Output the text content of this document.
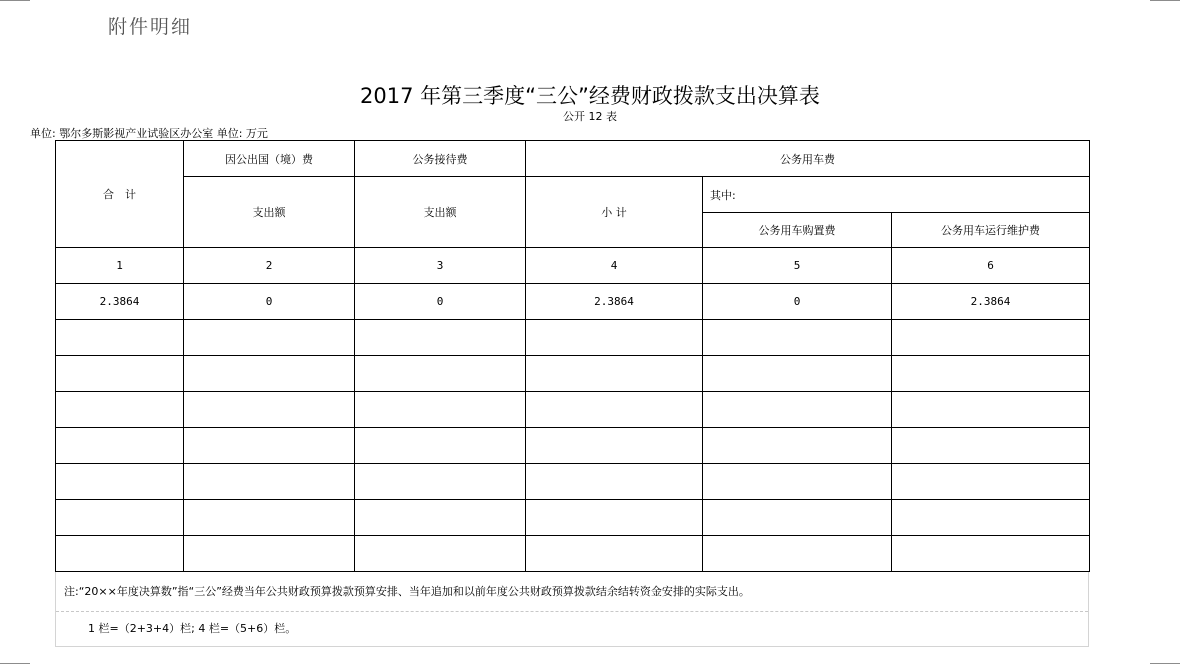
附件明细
2017 年第三季度“三公”经费财政拨款支出决算表
公开 12 表
单位: 鄂尔多斯影视产业试验区办公室 单位: 万元
合　计	因公出国（境）费	公务接待费	公务用车费		
	支出额	支出额	小 计	其中:	
				公务用车购置费	公务用车运行维护费
1	2	3	4	5	6
2.3864	0	0	2.3864	0	2.3864

注:“20××年度决算数”指“三公”经费当年公共财政预算拨款预算安排、当年追加和以前年度公共财政预算拨款结余结转资金安排的实际支出。
1 栏=（2+3+4）栏; 4 栏=（5+6）栏。
